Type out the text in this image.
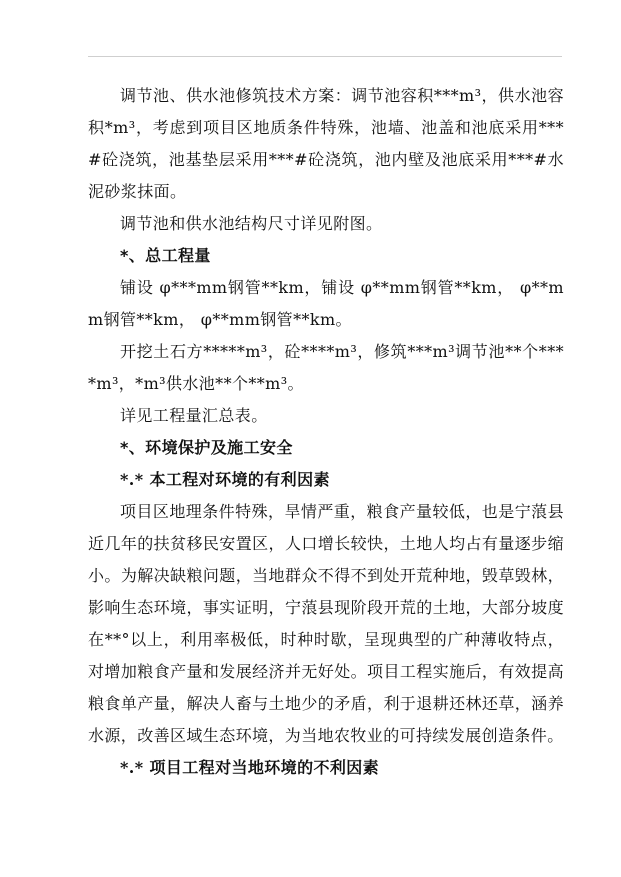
调节池、供水池修筑技术方案：调节池容积***m³，供水池容积*m³，考虑到项目区地质条件特殊，池墙、池盖和池底采用***#砼浇筑，池基垫层采用***#砼浇筑，池内壁及池底采用***#水泥砂浆抹面。

调节池和供水池结构尺寸详见附图。

*、总工程量

铺设 φ***mm钢管**km，铺设 φ**mm钢管**km， φ**mm钢管**km， φ**mm钢管**km。

开挖土石方*****m³，砼****m³，修筑***m³调节池**个****m³，*m³供水池**个**m³。

详见工程量汇总表。

*、环境保护及施工安全

*.* 本工程对环境的有利因素

项目区地理条件特殊，旱情严重，粮食产量较低，也是宁蒗县近几年的扶贫移民安置区，人口增长较快，土地人均占有量逐步缩小。为解决缺粮问题，当地群众不得不到处开荒种地，毁草毁林，影响生态环境，事实证明，宁蒗县现阶段开荒的土地，大部分坡度在**°以上，利用率极低，时种时歇，呈现典型的广种薄收特点，对增加粮食产量和发展经济并无好处。项目工程实施后，有效提高粮食单产量，解决人畜与土地少的矛盾，利于退耕还林还草，涵养水源，改善区域生态环境，为当地农牧业的可持续发展创造条件。

*.* 项目工程对当地环境的不利因素
